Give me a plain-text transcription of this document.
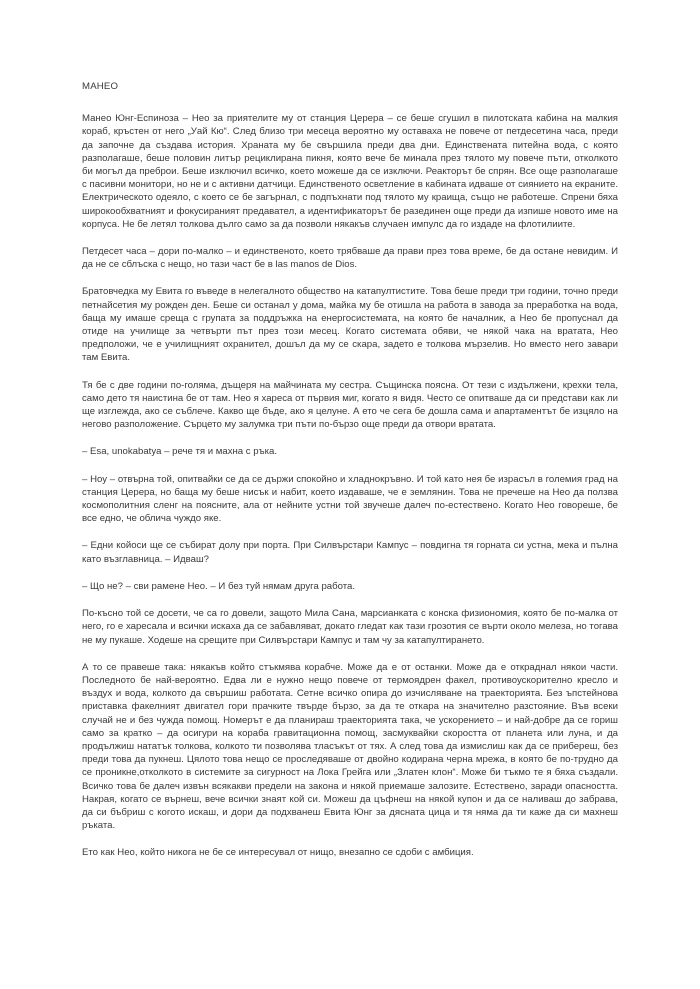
МАНЕО

Манео Юнг-Еспиноза – Нео за приятелите му от станция Церера – се беше сгушил в пилотската кабина на малкия кораб, кръстен от него „Уай Кю“. След близо три месеца вероятно му оставаха не повече от петдесетина часа, преди да започне да създава история. Храната му бе свършила преди два дни. Единствената питейна вода, с която разполагаше, беше половин литър рециклирана пикня, която вече бе минала през тялото му повече пъти, отколкото би могъл да преброи. Беше изключил всичко, което можеше да се изключи. Реакторът бе спрян. Все още разполагаше с пасивни монитори, но не и с активни датчици. Единственото осветление в кабината идваше от сиянието на екраните. Електрическото одеяло, с което се бе загърнал, с подпъхнати под тялото му краища, също не работеше. Спрени бяха широкообхватният и фокусираният предавател, а идентификаторът бе разединен още преди да изпише новото име на корпуса. Не бе летял толкова дълго само за да позволи някакъв случаен импулс да го издаде на флотилиите.

Петдесет часа – дори по-малко – и единственото, което трябваше да прави през това време, бе да остане невидим. И да не се сблъска с нещо, но тази част бе в las manos de Dios.

Братовчедка му Евита го въведе в нелегалното общество на катапултистите. Това беше преди три години, точно преди петнайсетия му рожден ден. Беше си останал у дома, майка му бе отишла на работа в завода за преработка на вода, баща му имаше среща с групата за поддръжка на енергосистемата, на която бе началник, а Нео бе пропуснал да отиде на училище за четвърти път през този месец. Когато системата обяви, че някой чака на вратата, Нео предположи, че е училищният охранител, дошъл да му се скара, задето е толкова мързелив. Но вместо него завари там Евита.

Тя бе с две години по-голяма, дъщеря на майчината му сестра. Същинска поясна. От тези с издължени, крехки тела, само дето тя наистина бе от там. Нео я хареса от първия миг, когато я видя. Често се опитваше да си представи как ли ще изглежда, ако се съблече. Какво ще бъде, ако я целуне. А ето че сега бе дошла сама и апартаментът бе изцяло на негово разположение. Сърцето му залумка три пъти по-бързо още преди да отвори вратата.

– Esa, unokabatya – рече тя и махна с ръка.

– Ноу – отвърна той, опитвайки се да се държи спокойно и хладнокръвно. И той като нея бе израсъл в големия град на станция Церера, но баща му беше нисък и набит, което издаваше, че е землянин. Това не пречеше на Нео да ползва космополитния сленг на поясните, ала от нейните устни той звучеше далеч по-естествено. Когато Нео говореше, бе все едно, че облича чуждо яке.

– Едни койоси ще се събират долу при порта. При Силвърстари Кампус – повдигна тя горната си устна, мека и пълна като възглавница. – Идваш?

– Що не? – сви рамене Нео. – И без туй нямам друга работа.

По-късно той се досети, че са го довели, защото Мила Сана, марсианката с конска физиономия, която бе по-малка от него, го е харесала и всички искаха да се забавляват, докато гледат как тази грозотия се върти около мелеза, но тогава не му пукаше. Ходеше на срещите при Силвърстари Кампус и там чу за катапултирането.

А то се правеше така: някакъв който стъкмява корабче. Може да е от останки. Може да е откраднал някои части. Последното бе най-вероятно. Едва ли е нужно нещо повече от термоядрен факел, противоускорително кресло и въздух и вода, колкото да свършиш работата. Сетне всичко опира до изчисляване на траекторията. Без ъпстейнова приставка факелният двигател гори прачките твърде бързо, за да те откара на значително разстояние. Във всеки случай не и без чужда помощ. Номерът е да планираш траекторията така, че ускорението – и най-добре да се гориш само за кратко – да осигури на кораба гравитационна помощ, засмуквайки скоростта от планета или луна, и да продължиш нататък толкова, колкото ти позволява тласъкът от тях. А след това да измислиш как да се прибереш, без преди това да пукнеш. Цялото това нещо се проследяваше от двойно кодирана черна мрежа, в която бе по-трудно да се проникне,отколкото в системите за сигурност на Лока Грейга или „Златен клон“. Може би тъкмо те я бяха създали. Всичко това бе далеч извън всякакви предели на закона и някой приемаше залозите. Естествено, заради опасността. Накрая, когато се върнеш, вече всички знаят кой си. Можеш да цъфнеш на някой купон и да се наливаш до забрава, да си бъбриш с когото искаш, и дори да подхванеш Евита Юнг за дясната цица и тя няма да ти каже да си махнеш ръката.

Ето как Нео, който никога не бе се интересувал от нищо, внезапно се сдоби с амбиция.
